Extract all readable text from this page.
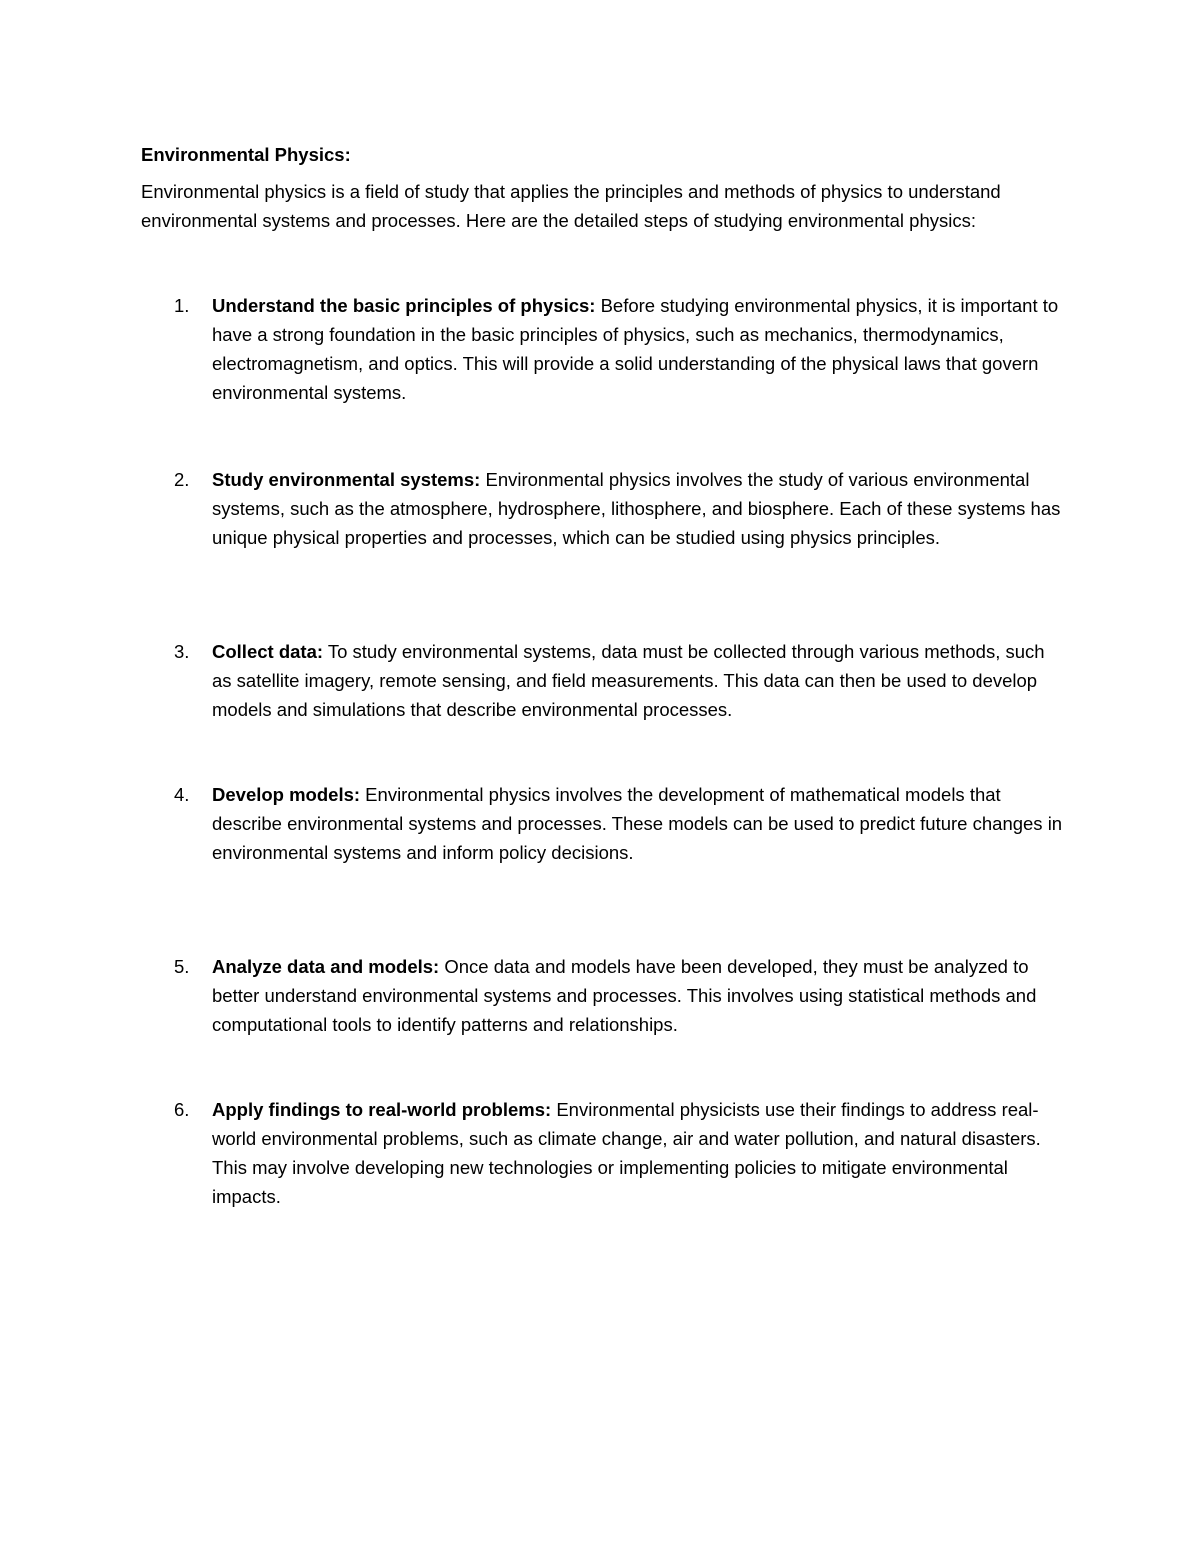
Environmental Physics:

Environmental physics is a field of study that applies the principles and methods of physics to understand environmental systems and processes. Here are the detailed steps of studying environmental physics:

1. Understand the basic principles of physics: Before studying environmental physics, it is important to have a strong foundation in the basic principles of physics, such as mechanics, thermodynamics, electromagnetism, and optics. This will provide a solid understanding of the physical laws that govern environmental systems.
2. Study environmental systems: Environmental physics involves the study of various environmental systems, such as the atmosphere, hydrosphere, lithosphere, and biosphere. Each of these systems has unique physical properties and processes, which can be studied using physics principles.
3. Collect data: To study environmental systems, data must be collected through various methods, such as satellite imagery, remote sensing, and field measurements. This data can then be used to develop models and simulations that describe environmental processes.
4. Develop models: Environmental physics involves the development of mathematical models that describe environmental systems and processes. These models can be used to predict future changes in environmental systems and inform policy decisions.
5. Analyze data and models: Once data and models have been developed, they must be analyzed to better understand environmental systems and processes. This involves using statistical methods and computational tools to identify patterns and relationships.
6. Apply findings to real-world problems: Environmental physicists use their findings to address real-world environmental problems, such as climate change, air and water pollution, and natural disasters. This may involve developing new technologies or implementing policies to mitigate environmental impacts.
